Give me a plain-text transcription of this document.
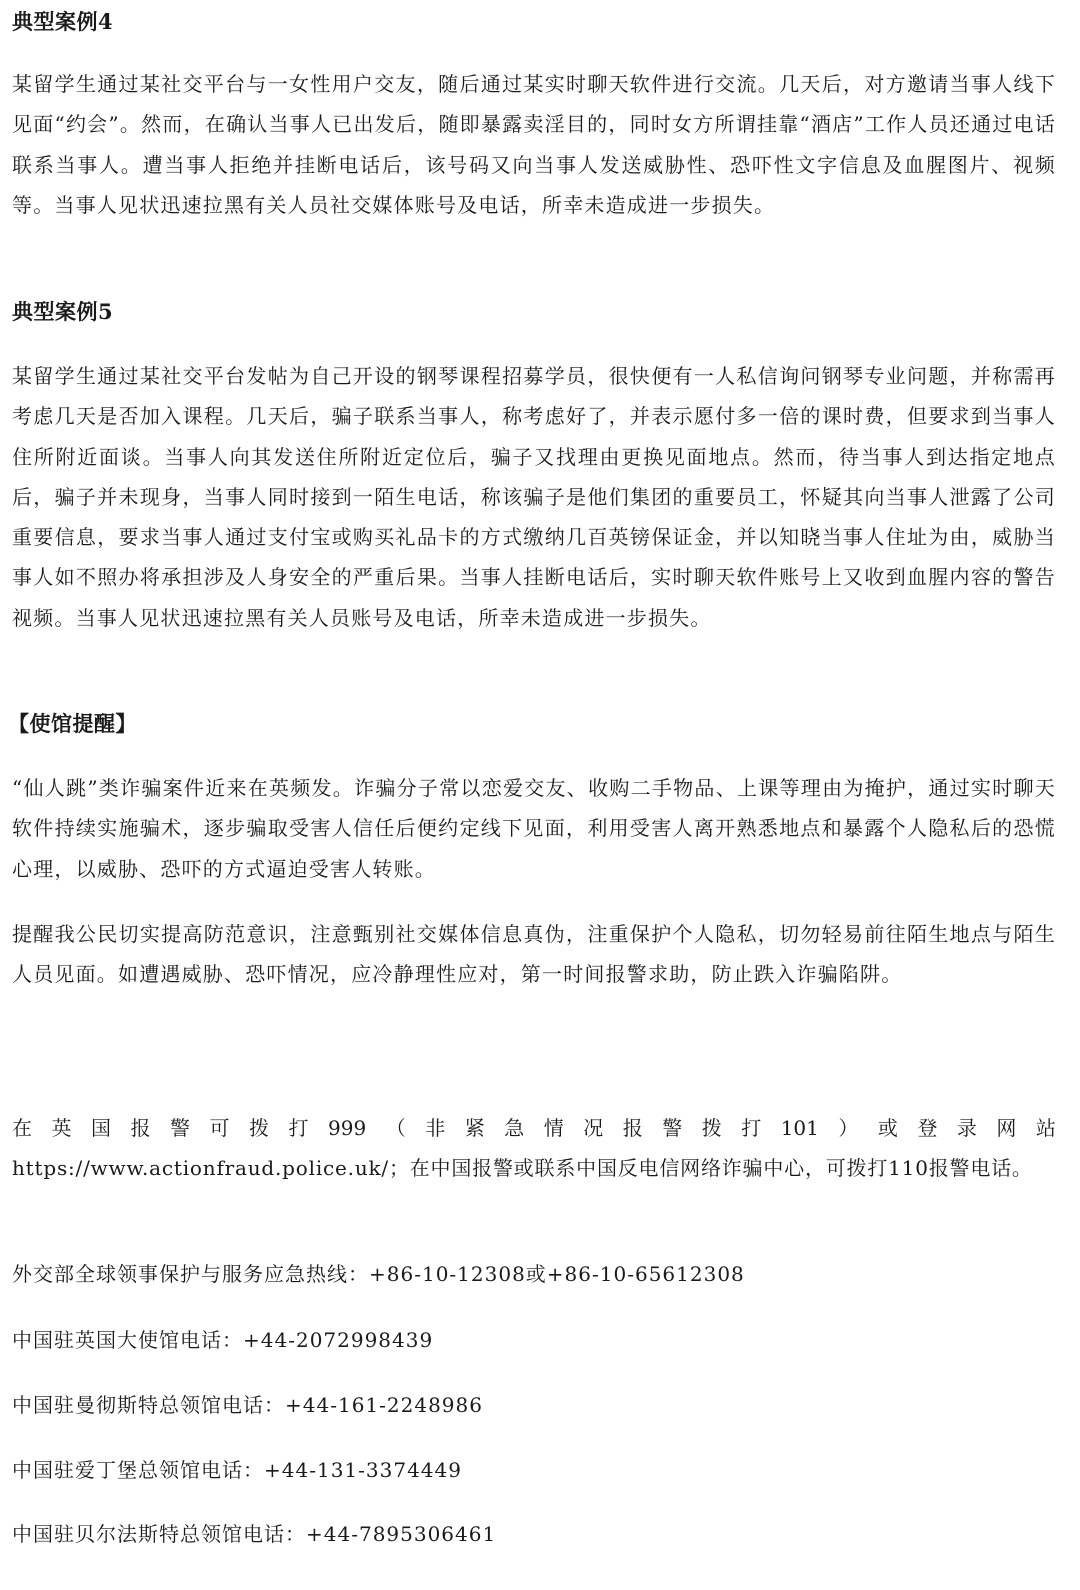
典型案例4

某留学生通过某社交平台与一女性用户交友，随后通过某实时聊天软件进行交流。几天后，对方邀请当事人线下见面“约会”。然而，在确认当事人已出发后，随即暴露卖淫目的，同时女方所谓挂靠“酒店”工作人员还通过电话联系当事人。遭当事人拒绝并挂断电话后，该号码又向当事人发送威胁性、恐吓性文字信息及血腥图片、视频等。当事人见状迅速拉黑有关人员社交媒体账号及电话，所幸未造成进一步损失。

典型案例5

某留学生通过某社交平台发帖为自己开设的钢琴课程招募学员，很快便有一人私信询问钢琴专业问题，并称需再考虑几天是否加入课程。几天后，骗子联系当事人，称考虑好了，并表示愿付多一倍的课时费，但要求到当事人住所附近面谈。当事人向其发送住所附近定位后，骗子又找理由更换见面地点。然而，待当事人到达指定地点后，骗子并未现身，当事人同时接到一陌生电话，称该骗子是他们集团的重要员工，怀疑其向当事人泄露了公司重要信息，要求当事人通过支付宝或购买礼品卡的方式缴纳几百英镑保证金，并以知晓当事人住址为由，威胁当事人如不照办将承担涉及人身安全的严重后果。当事人挂断电话后，实时聊天软件账号上又收到血腥内容的警告视频。当事人见状迅速拉黑有关人员账号及电话，所幸未造成进一步损失。

【使馆提醒】

“仙人跳”类诈骗案件近来在英频发。诈骗分子常以恋爱交友、收购二手物品、上课等理由为掩护，通过实时聊天软件持续实施骗术，逐步骗取受害人信任后便约定线下见面，利用受害人离开熟悉地点和暴露个人隐私后的恐慌心理，以威胁、恐吓的方式逼迫受害人转账。

提醒我公民切实提高防范意识，注意甄别社交媒体信息真伪，注重保护个人隐私，切勿轻易前往陌生地点与陌生人员见面。如遭遇威胁、恐吓情况，应冷静理性应对，第一时间报警求助，防止跌入诈骗陷阱。

在 英 国 报 警 可 拨 打 999 （ 非 紧 急 情 况 报 警 拨 打 101 ） 或 登 录 网 站

https://www.actionfraud.police.uk/；在中国报警或联系中国反电信网络诈骗中心，可拨打110报警电话。

外交部全球领事保护与服务应急热线：+86-10-12308或+86-10-65612308

中国驻英国大使馆电话：+44-2072998439

中国驻曼彻斯特总领馆电话：+44-161-2248986

中国驻爱丁堡总领馆电话：+44-131-3374449

中国驻贝尔法斯特总领馆电话：+44-7895306461
